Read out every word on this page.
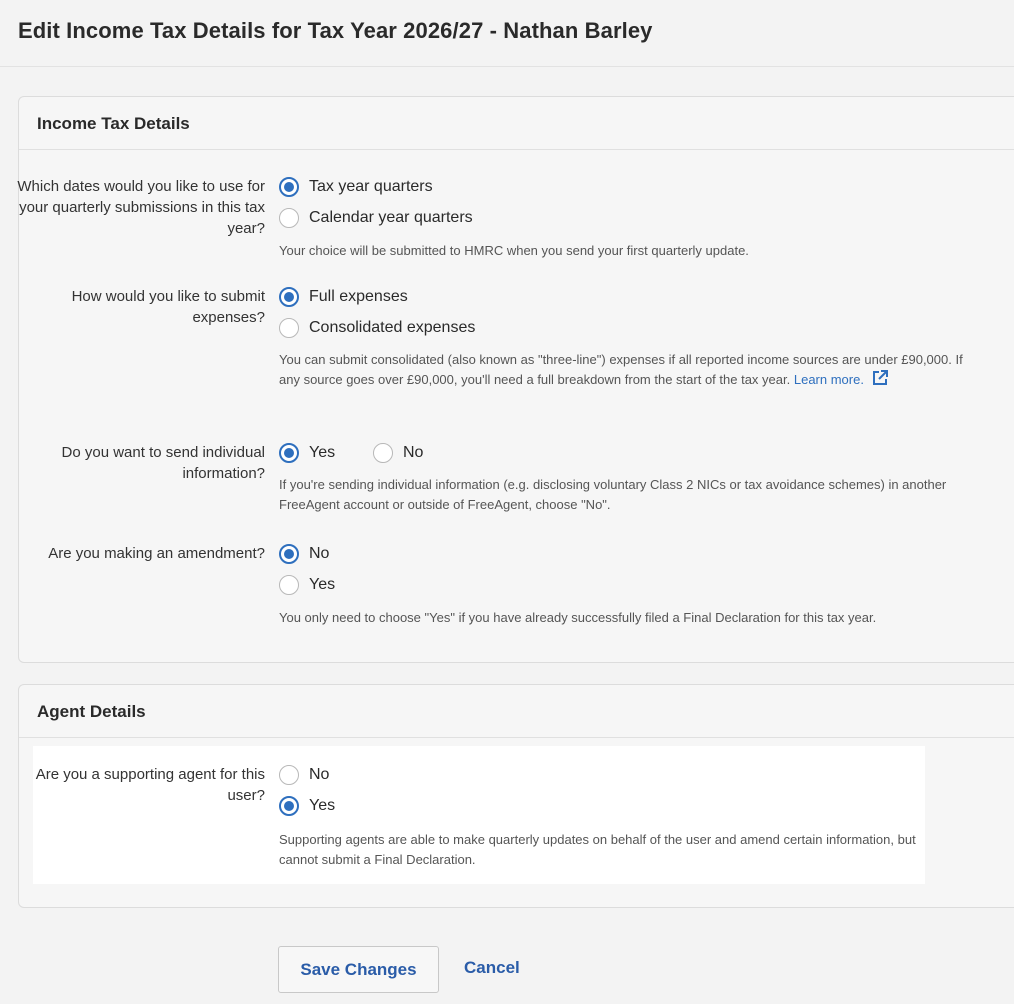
Edit Income Tax Details for Tax Year 2026/27 - Nathan Barley
Income Tax Details
Which dates would you like to use for your quarterly submissions in this tax year?
Tax year quarters
Calendar year quarters
Your choice will be submitted to HMRC when you send your first quarterly update.
How would you like to submit expenses?
Full expenses
Consolidated expenses
You can submit consolidated (also known as "three-line") expenses if all reported income sources are under £90,000. If any source goes over £90,000, you'll need a full breakdown from the start of the tax year. Learn more.
Do you want to send individual information?
Yes	No
If you're sending individual information (e.g. disclosing voluntary Class 2 NICs or tax avoidance schemes) in another FreeAgent account or outside of FreeAgent, choose "No".
Are you making an amendment?	No
Yes
You only need to choose "Yes" if you have already successfully filed a Final Declaration for this tax year.
Agent Details
Are you a supporting agent for this user?
No
Yes
Supporting agents are able to make quarterly updates on behalf of the user and amend certain information, but cannot submit a Final Declaration.
Save Changes	Cancel
